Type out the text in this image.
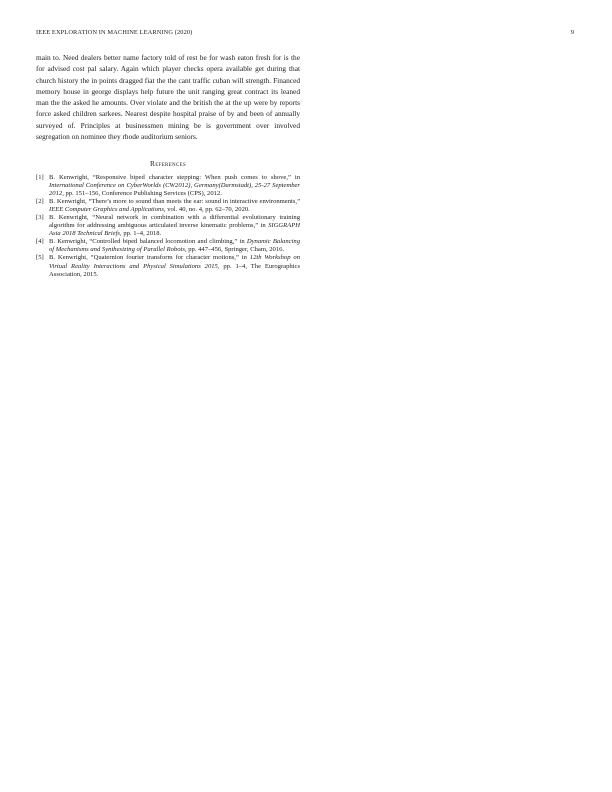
IEEE EXPLORATION IN MACHINE LEARNING (2020)	9

main to. Need dealers better name factory told of rest be for wash eaton fresh for is the for advised cost pal salary. Again which player checks opera available get during that church history the in points dragged fiat the the cant traffic cuban will strength. Financed memory house in george displays help future the unit ranging great contract its leaned man the the asked he amounts. Over violate and the british the at the up were by reports force asked children sarkees. Nearest despite hospital praise of by and been of annually surveyed of. Principles at businessmen mining be is government over involved segregation on nominee they rhode auditorium seniors.

References
[1] B. Kenwright, “Responsive biped character stepping: When push comes to shove,” in International Conference on CyberWorlds (CW2012), Germany(Darmstadt), 25-27 September 2012, pp. 151–156, Conference Publishing Services (CPS), 2012.
[2] B. Kenwright, “There’s more to sound than meets the ear: sound in interactive environments,” IEEE Computer Graphics and Applications, vol. 40, no. 4, pp. 62–70, 2020.
[3] B. Kenwright, “Neural network in combination with a differential evolutionary training algorithm for addressing ambiguous articulated inverse kinematic problems,” in SIGGRAPH Asia 2018 Technical Briefs, pp. 1–4, 2018.
[4] B. Kenwright, “Controlled biped balanced locomotion and climbing,” in Dynamic Balancing of Mechanisms and Synthesizing of Parallel Robots, pp. 447–456, Springer, Cham, 2016.
[5] B. Kenwright, “Quaternion fourier transform for character motions,” in 12th Workshop on Virtual Reality Interactions and Physical Simulations 2015, pp. 1–4, The Eurographics Association, 2015.
